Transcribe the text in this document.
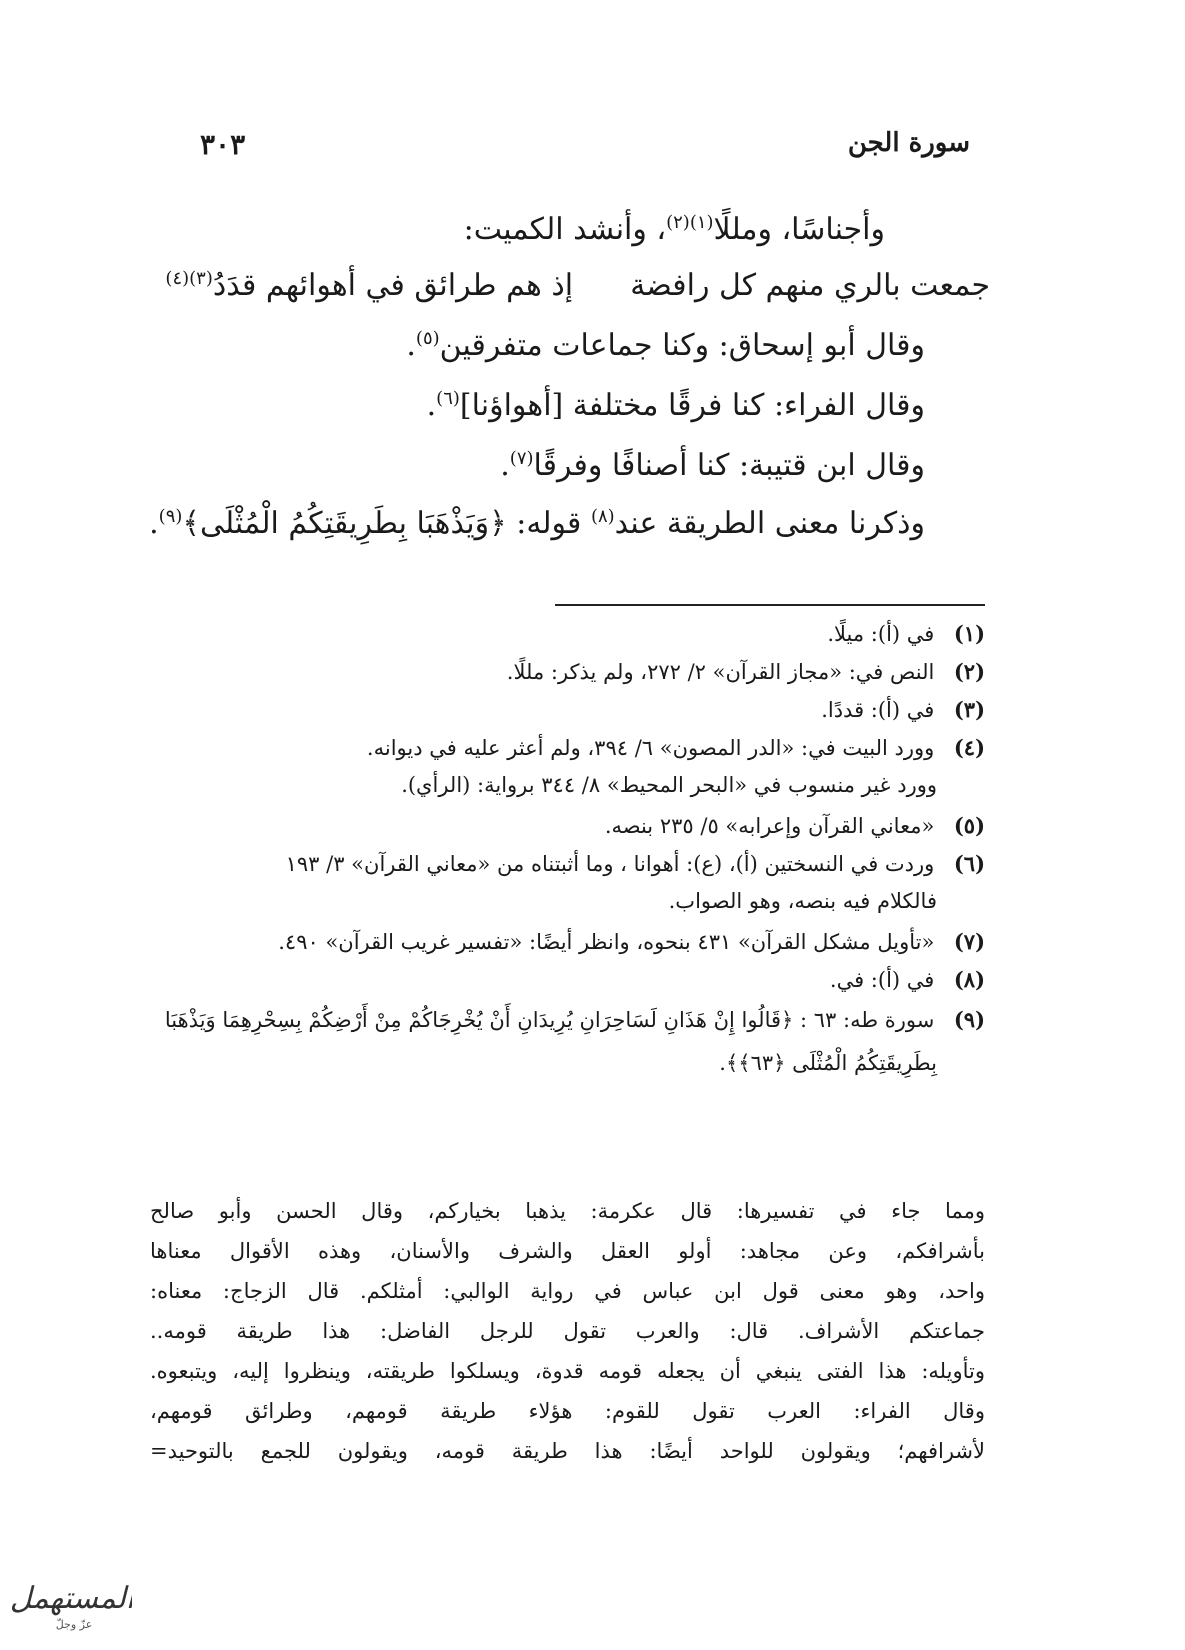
سورة الجن
٣٠٣
وأجناسًا، ومللًا$^{(١)(٢)}$، وأنشد الكميت:
جمعت بالري منهم كل رافضة  إذ هم طرائق في أهوائهم قدَدُ$^{(٣)(٤)}$
وقال أبو إسحاق: وكنا جماعات متفرقين$^{(٥)}$.
وقال الفراء: كنا فرقًا مختلفة [أهواؤنا]$^{(٦)}$.
وقال ابن قتيبة: كنا أصنافًا وفرقًا$^{(٧)}$.
وذكرنا معنى الطريقة عند$^{(٨)}$ قوله: ﴿وَيَذْهَبَا بِطَرِيقَتِكُمُ الْمُثْلَى﴾$^{(٩)}$.
(١) في (أ): ميلًا.
(٢) النص في: «مجاز القرآن» ٢/ ٢٧٢، ولم يذكر: مللًا.
(٣) في (أ): قددًا.
(٤) وورد البيت في: «الدر المصون» ٦/ ٣٩٤، ولم أعثر عليه في ديوانه.
وورد غير منسوب في «البحر المحيط» ٨/ ٣٤٤ برواية: (الرأي).
(٥) «معاني القرآن وإعرابه» ٥/ ٢٣٥ بنصه.
(٦) وردت في النسختين (أ)، (ع): أهوانا ، وما أثبتناه من «معاني القرآن» ٣/ ١٩٣
فالكلام فيه بنصه، وهو الصواب.
(٧) «تأويل مشكل القرآن» ٤٣١ بنحوه، وانظر أيضًا: «تفسير غريب القرآن» ٤٩٠.
(٨) في (أ): في.
(٩) سورة طه: ٦٣ : ﴿قَالُوا إِنْ هَذَانِ لَسَاحِرَانِ يُرِيدَانِ أَنْ يُخْرِجَاكُمْ مِنْ أَرْضِكُمْ بِسِحْرِهِمَا وَيَذْهَبَا
بِطَرِيقَتِكُمُ الْمُثْلَى ﴿٦٣﴾﴾.
ومما جاء في تفسيرها: قال عكرمة: يذهبا بخياركم، وقال الحسن وأبو صالح
بأشرافكم، وعن مجاهد: أولو العقل والشرف والأسنان، وهذه الأقوال معناها
واحد، وهو معنى قول ابن عباس في رواية الوالبي: أمثلكم. قال الزجاج: معناه:
جماعتكم الأشراف. قال: والعرب تقول للرجل الفاضل: هذا طريقة قومه..
وتأويله: هذا الفتى ينبغي أن يجعله قومه قدوة، ويسلكوا طريقته، وينظروا إليه، ويتبعوه.
وقال الفراء: العرب تقول للقوم: هؤلاء طريقة قومهم، وطرائق قومهم،
لأشرافهم؛ ويقولون للواحد أيضًا: هذا طريقة قومه، ويقولون للجمع بالتوحيد=
المستهمل
عزّ وجلّ
